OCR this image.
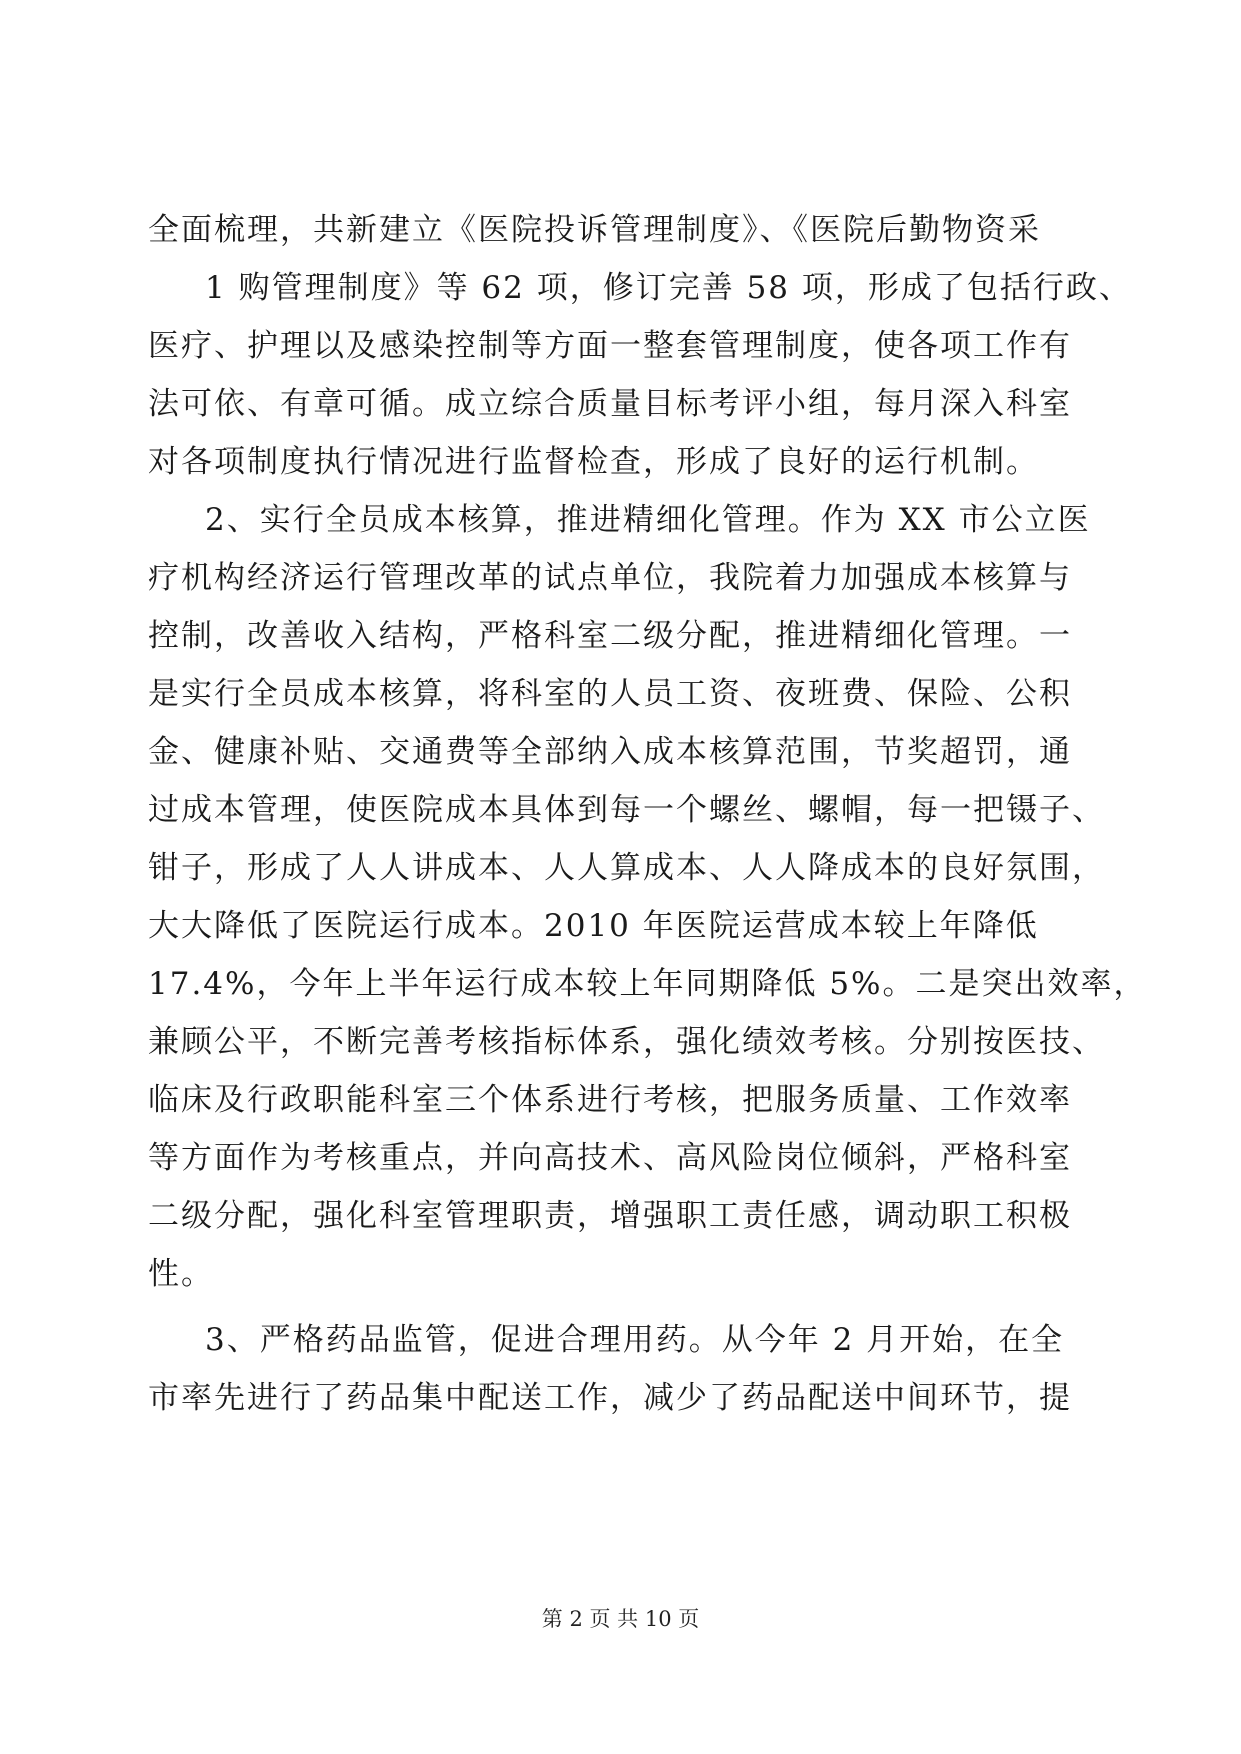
全面梳理，共新建立《医院投诉管理制度》、《医院后勤物资采
1 购管理制度》等 62 项，修订完善 58 项，形成了包括行政、
医疗、护理以及感染控制等方面一整套管理制度，使各项工作有
法可依、有章可循。成立综合质量目标考评小组，每月深入科室
对各项制度执行情况进行监督检查，形成了良好的运行机制。
2、实行全员成本核算，推进精细化管理。作为 XX 市公立医
疗机构经济运行管理改革的试点单位，我院着力加强成本核算与
控制，改善收入结构，严格科室二级分配，推进精细化管理。一
是实行全员成本核算，将科室的人员工资、夜班费、保险、公积
金、健康补贴、交通费等全部纳入成本核算范围，节奖超罚，通
过成本管理，使医院成本具体到每一个螺丝、螺帽，每一把镊子、
钳子，形成了人人讲成本、人人算成本、人人降成本的良好氛围，
大大降低了医院运行成本。2010 年医院运营成本较上年降低
17.4%，今年上半年运行成本较上年同期降低 5%。二是突出效率，
兼顾公平，不断完善考核指标体系，强化绩效考核。分别按医技、
临床及行政职能科室三个体系进行考核，把服务质量、工作效率
等方面作为考核重点，并向高技术、高风险岗位倾斜，严格科室
二级分配，强化科室管理职责，增强职工责任感，调动职工积极
性。
3、严格药品监管，促进合理用药。从今年 2 月开始，在全
市率先进行了药品集中配送工作，减少了药品配送中间环节，提
第 2 页 共 10 页
